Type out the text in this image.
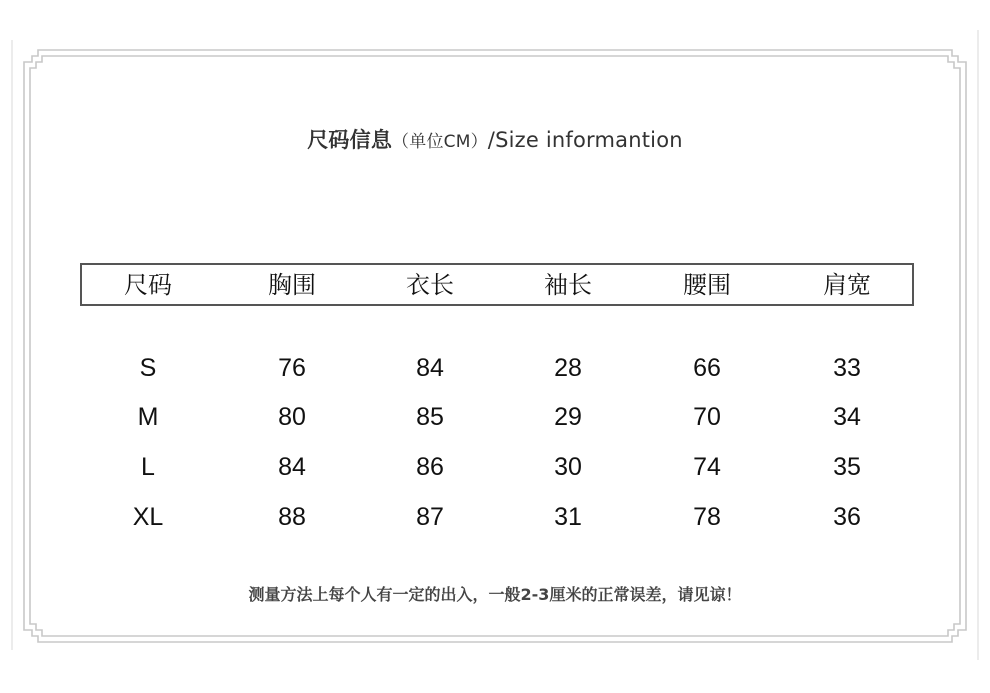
尺码信息（单位CM）/Size informantion
尺码	胸围	衣长	袖长	腰围	肩宽
S	76	84	28	66	33
M	80	85	29	70	34
L	84	86	30	74	35
XL	88	87	31	78	36
测量方法上每个人有一定的出入，一般2-3厘米的正常误差，请见谅！
